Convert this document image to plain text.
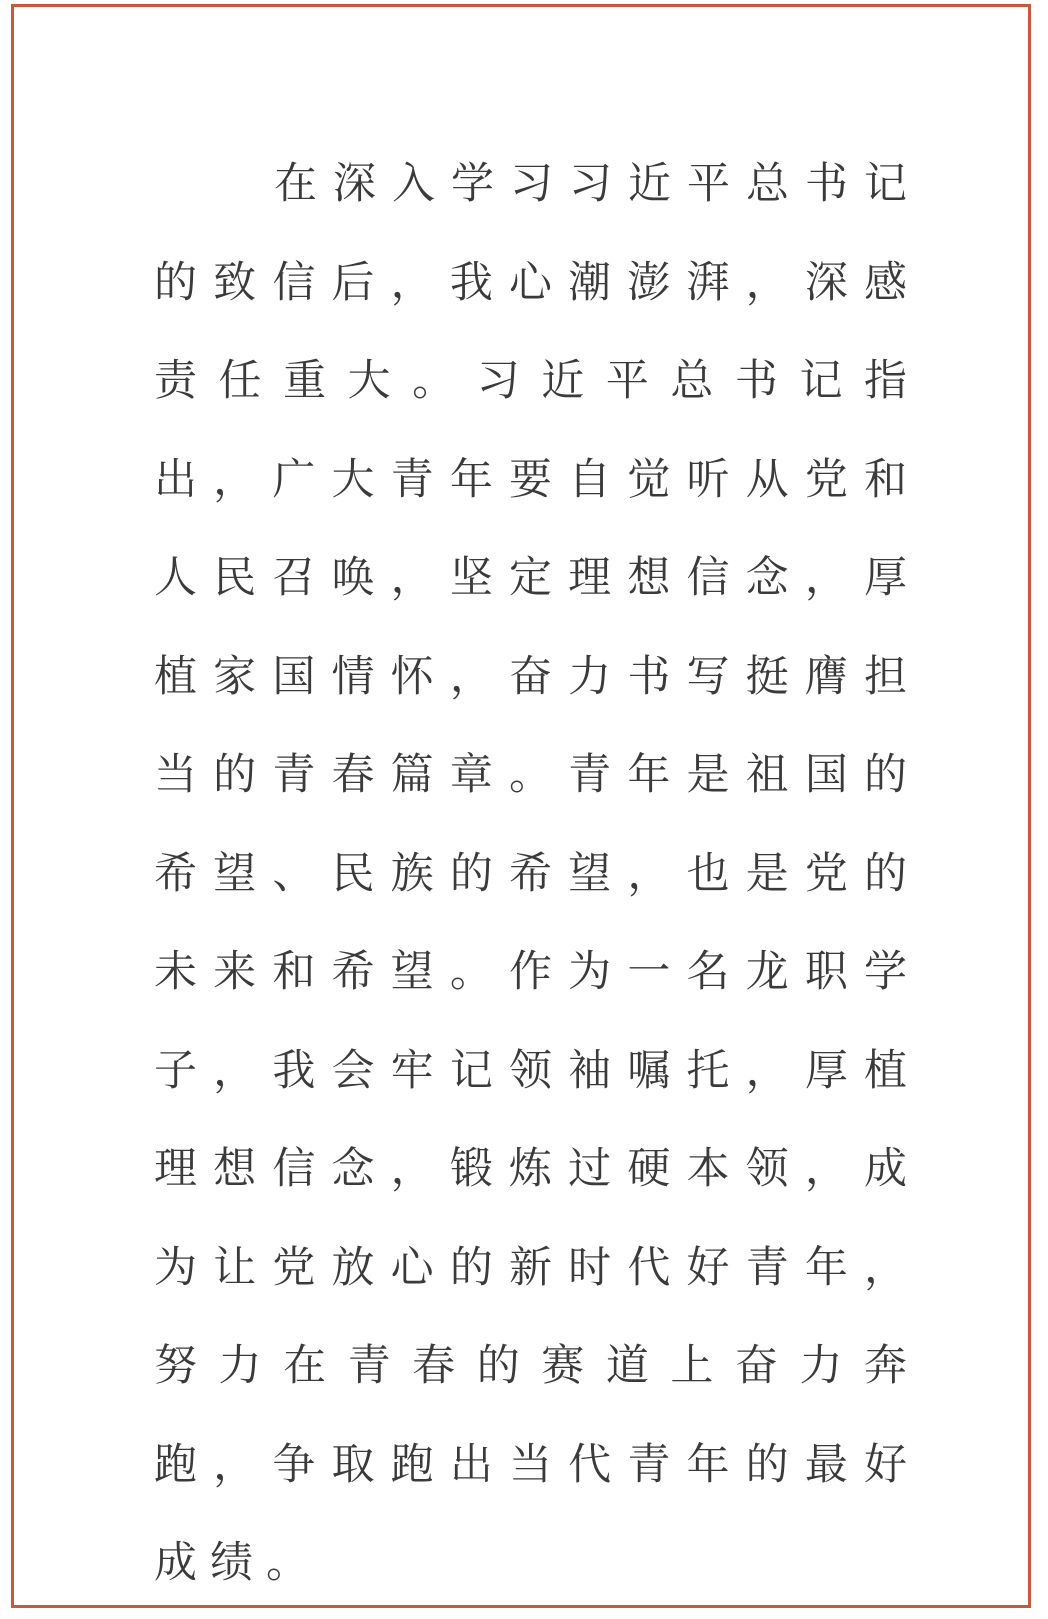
在深入学习习近平总书记的致信后，我心潮澎湃，深感责任重大。习近平总书记指出，广大青年要自觉听从党和人民召唤，坚定理想信念，厚植家国情怀，奋力书写挺膺担当的青春篇章。青年是祖国的希望、民族的希望，也是党的未来和希望。作为一名龙职学子，我会牢记领袖嘱托，厚植理想信念，锻炼过硬本领，成为让党放心的新时代好青年，努力在青春的赛道上奋力奔跑，争取跑出当代青年的最好成绩。
